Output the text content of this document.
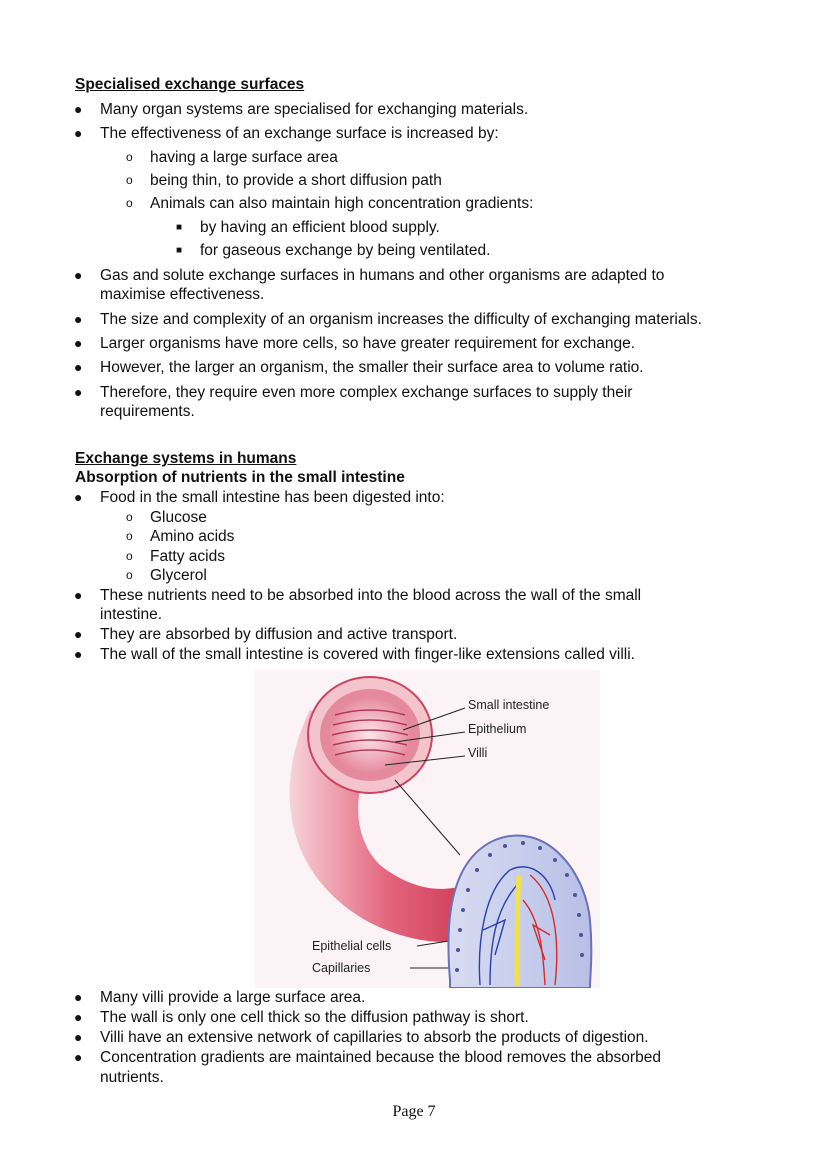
Specialised exchange surfaces
● Many organ systems are specialised for exchanging materials.
● The effectiveness of an exchange surface is increased by:
o having a large surface area
o being thin, to provide a short diffusion path
o Animals can also maintain high concentration gradients:
■ by having an efficient blood supply.
■ for gaseous exchange by being ventilated.
● Gas and solute exchange surfaces in humans and other organisms are adapted to
maximise effectiveness.
● The size and complexity of an organism increases the difficulty of exchanging materials.
● Larger organisms have more cells, so have greater requirement for exchange.
● However, the larger an organism, the smaller their surface area to volume ratio.
● Therefore, they require even more complex exchange surfaces to supply their
requirements.
Exchange systems in humans
Absorption of nutrients in the small intestine
● Food in the small intestine has been digested into:
o Glucose
o Amino acids
o Fatty acids
o Glycerol
● These nutrients need to be absorbed into the blood across the wall of the small
intestine.
● They are absorbed by diffusion and active transport.
● The wall of the small intestine is covered with finger-like extensions called villi.
Small intestine
Epithelium
Villi
Epithelial cells
Capillaries
● Many villi provide a large surface area.
● The wall is only one cell thick so the diffusion pathway is short.
● Villi have an extensive network of capillaries to absorb the products of digestion.
● Concentration gradients are maintained because the blood removes the absorbed
nutrients.
Page 7
